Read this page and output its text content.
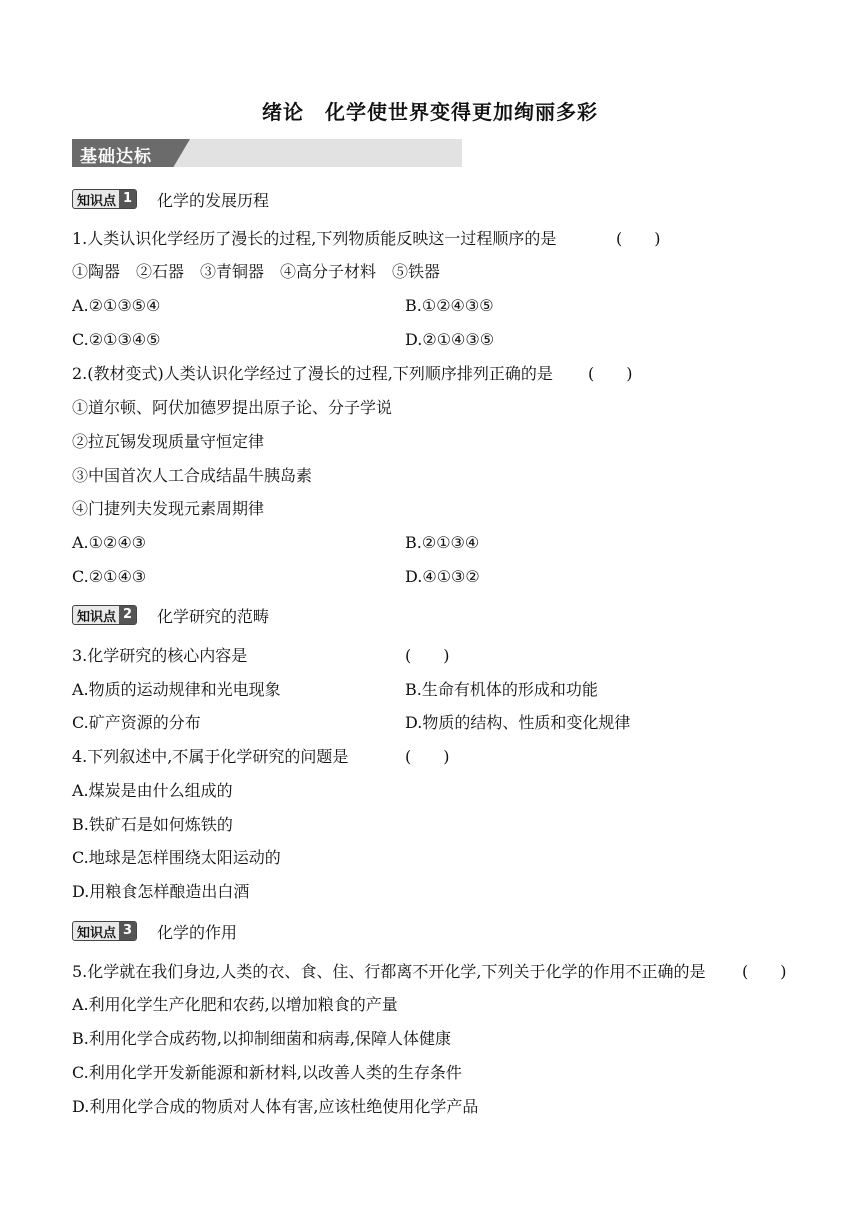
绪论　化学使世界变得更加绚丽多彩
基础达标
知识点 1 化学的发展历程
1.人类认识化学经历了漫长的过程,下列物质能反映这一过程顺序的是	(　　)
①陶器　②石器　③青铜器　④高分子材料　⑤铁器
A.②①③⑤④	B.①②④③⑤
C.②①③④⑤	D.②①④③⑤
2.(教材变式)人类认识化学经过了漫长的过程,下列顺序排列正确的是 (　　)
①道尔顿、阿伏加德罗提出原子论、分子学说
②拉瓦锡发现质量守恒定律
③中国首次人工合成结晶牛胰岛素
④门捷列夫发现元素周期律
A.①②④③	B.②①③④
C.②①④③	D.④①③②
知识点 2 化学研究的范畴
3.化学研究的核心内容是	(　　)
A.物质的运动规律和光电现象	B.生命有机体的形成和功能
C.矿产资源的分布	D.物质的结构、性质和变化规律
4.下列叙述中,不属于化学研究的问题是	(　　)
A.煤炭是由什么组成的
B.铁矿石是如何炼铁的
C.地球是怎样围绕太阳运动的
D.用粮食怎样酿造出白酒
知识点 3 化学的作用
5.化学就在我们身边,人类的衣、食、住、行都离不开化学,下列关于化学的作用不正确的是 (　　)
A.利用化学生产化肥和农药,以增加粮食的产量
B.利用化学合成药物,以抑制细菌和病毒,保障人体健康
C.利用化学开发新能源和新材料,以改善人类的生存条件
D.利用化学合成的物质对人体有害,应该杜绝使用化学产品
